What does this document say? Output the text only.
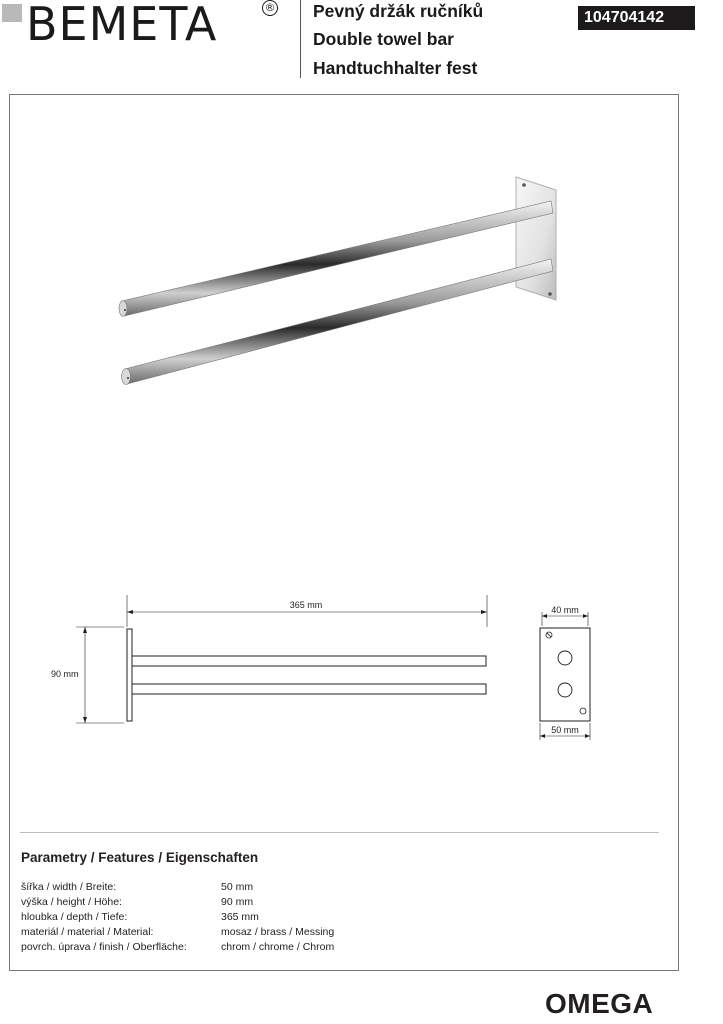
BEMETA	® Pevný držák ručníků
Double towel bar
Handtuchhalter fest
104704142
365 mm
90 mm
40 mm
50 mm
Parametry / Features / Eigenschaften
šířka / width / Breite:	50 mm
výška / height / Höhe:	90 mm
hloubka / depth / Tiefe:	365 mm
materiál / material / Material:	mosaz / brass / Messing
povrch. úprava / finish / Oberfläche:	chrom / chrome / Chrom
OMEGA
